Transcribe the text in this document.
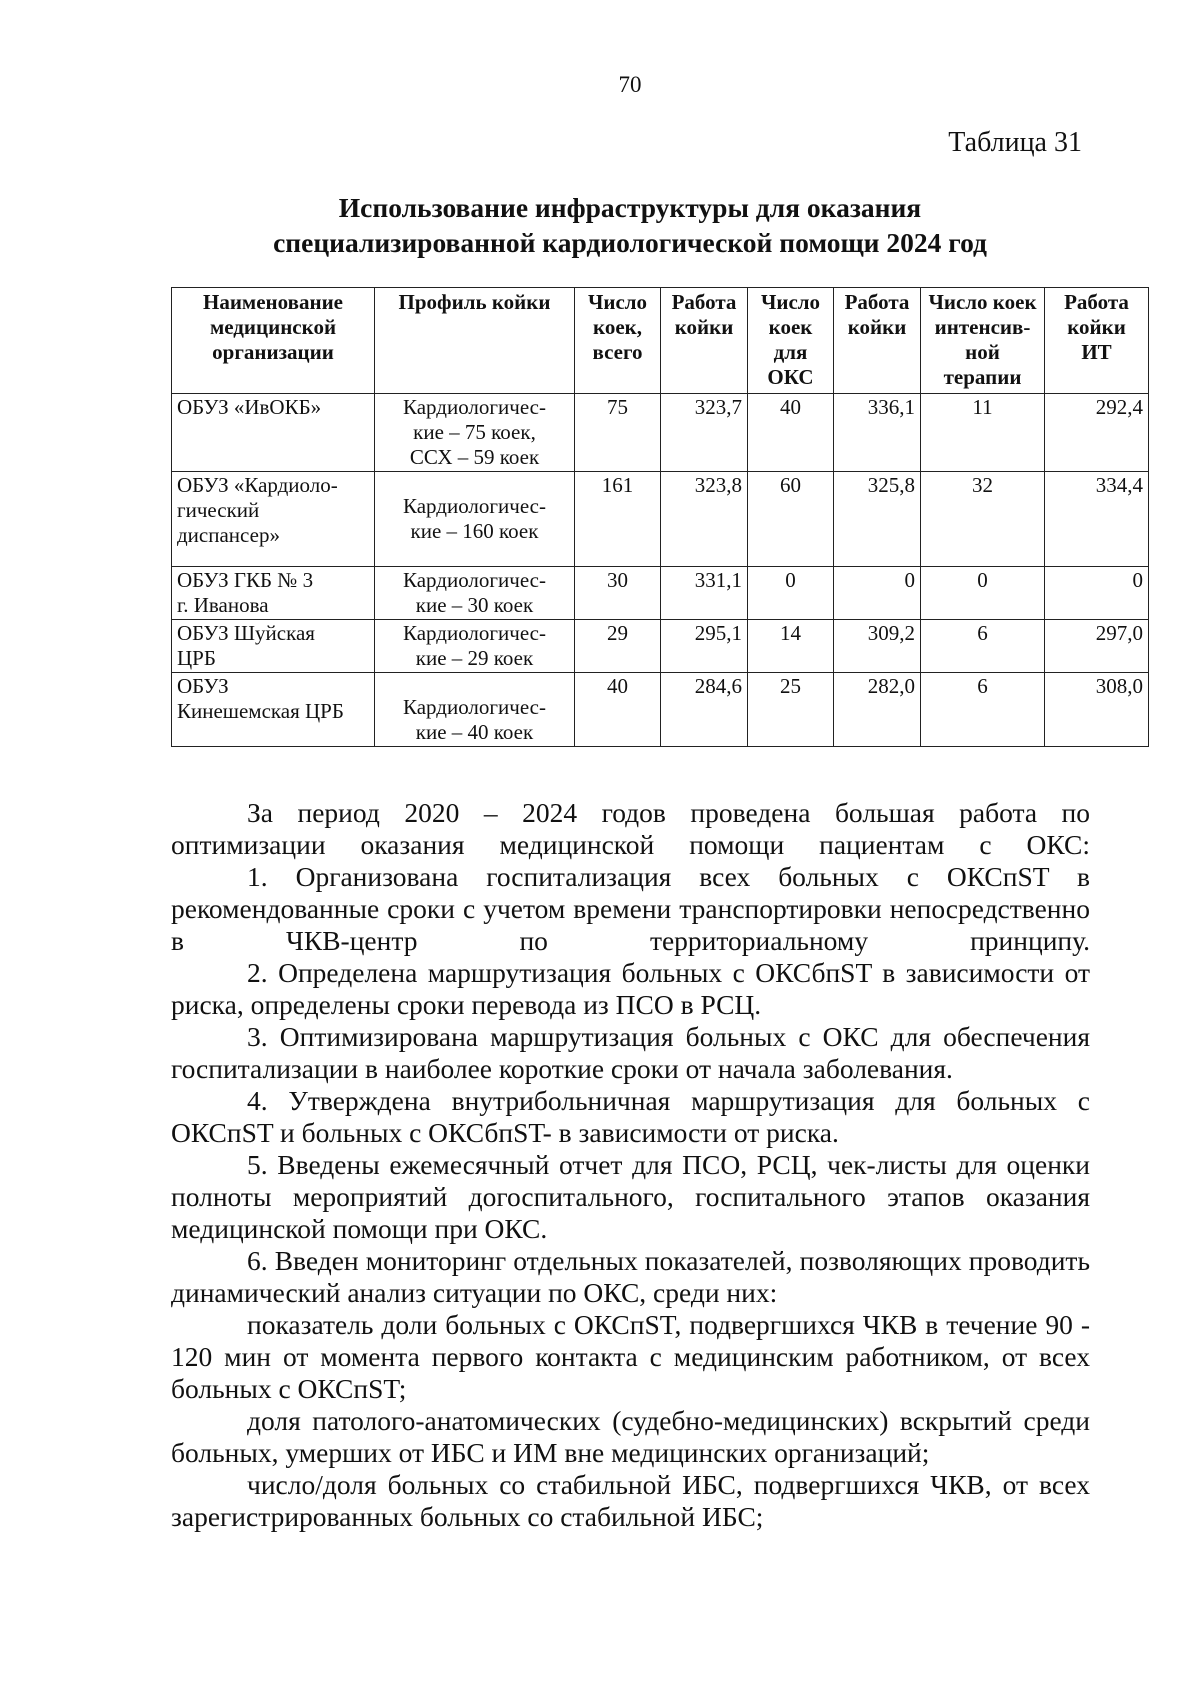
70
Таблица 31
Использование инфраструктуры для оказания
специализированной кардиологической помощи 2024 год
Наименование
медицинской
организации	Профиль койки	Число
коек,
всего	Работа
койки	Число
коек
для
ОКС	Работа
койки	Число коек
интенсив-
ной
терапии	Работа
койки ИТ

ОБУЗ «ИвОКБ»	Кардиологичес-
кие – 75 коек,
ССХ – 59 коек	75	323,7	40	336,1	11	292,4

ОБУЗ «Кардиоло-
гический
диспансер»	Кардиологичес-
кие – 160 коек	161	323,8	60	325,8	32	334,4

ОБУЗ ГКБ № 3
г. Иванова	Кардиологичес-
кие – 30 коек	30	331,1	0	0	0	0

ОБУЗ Шуйская
ЦРБ	Кардиологичес-
кие – 29 коек	29	295,1	14	309,2	6	297,0

ОБУЗ
Кинешемская ЦРБ	Кардиологичес-
кие – 40 коек	40	284,6	25	282,0	6	308,0

За период 2020 – 2024 годов проведена большая работа по оптимизации оказания медицинской помощи пациентам с ОКС:

1. Организована госпитализация всех больных с ОКСпST в рекомендованные сроки с учетом времени транспортировки непосредственно в ЧКВ-центр по территориальному принципу.

2. Определена маршрутизация больных с ОКСбпST в зависимости от риска, определены сроки перевода из ПСО в РСЦ.

3. Оптимизирована маршрутизация больных с ОКС для обеспечения госпитализации в наиболее короткие сроки от начала заболевания.

4. Утверждена внутрибольничная маршрутизация для больных с ОКСпST и больных с ОКСбпST- в зависимости от риска.

5. Введены ежемесячный отчет для ПСО, РСЦ, чек-листы для оценки полноты мероприятий догоспитального, госпитального этапов оказания медицинской помощи при ОКС.

6. Введен мониторинг отдельных показателей, позволяющих проводить динамический анализ ситуации по ОКС, среди них:

показатель доли больных с ОКСпST, подвергшихся ЧКВ в течение 90 - 120 мин от момента первого контакта с медицинским работником, от всех больных с ОКСпST;

доля патолого-анатомических (судебно-медицинских) вскрытий среди больных, умерших от ИБС и ИМ вне медицинских организаций;

число/доля больных со стабильной ИБС, подвергшихся ЧКВ, от всех зарегистрированных больных со стабильной ИБС;
